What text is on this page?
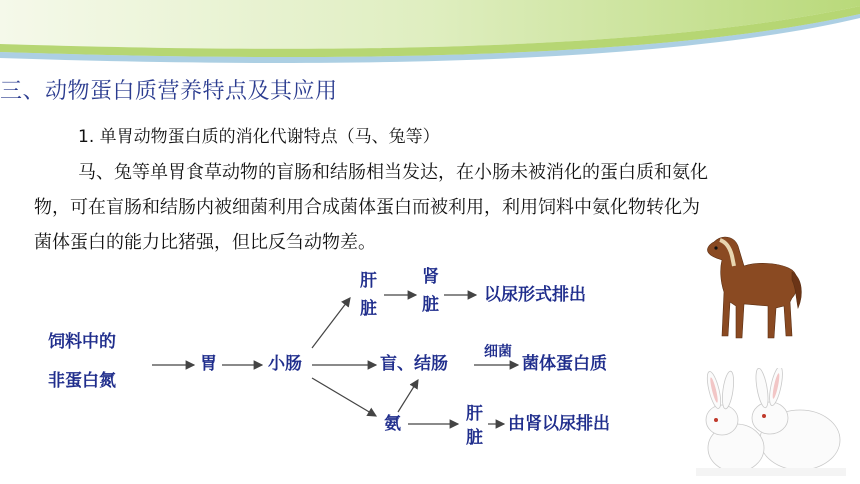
三、动物蛋白质营养特点及其应用
1. 单胃动物蛋白质的消化代谢特点（马、兔等）
马、兔等单胃食草动物的盲肠和结肠相当发达，在小肠未被消化的蛋白质和氨化
物，可在盲肠和结肠内被细菌利用合成菌体蛋白而被利用，利用饲料中氨化物转化为
菌体蛋白的能力比猪强，但比反刍动物差。
饲料中的
非蛋白氮
胃	小肠
肝
脏
肾
脏	以尿形式排出
盲、结肠
细菌
菌体蛋白质
氨	肝
脏
由肾以尿排出
